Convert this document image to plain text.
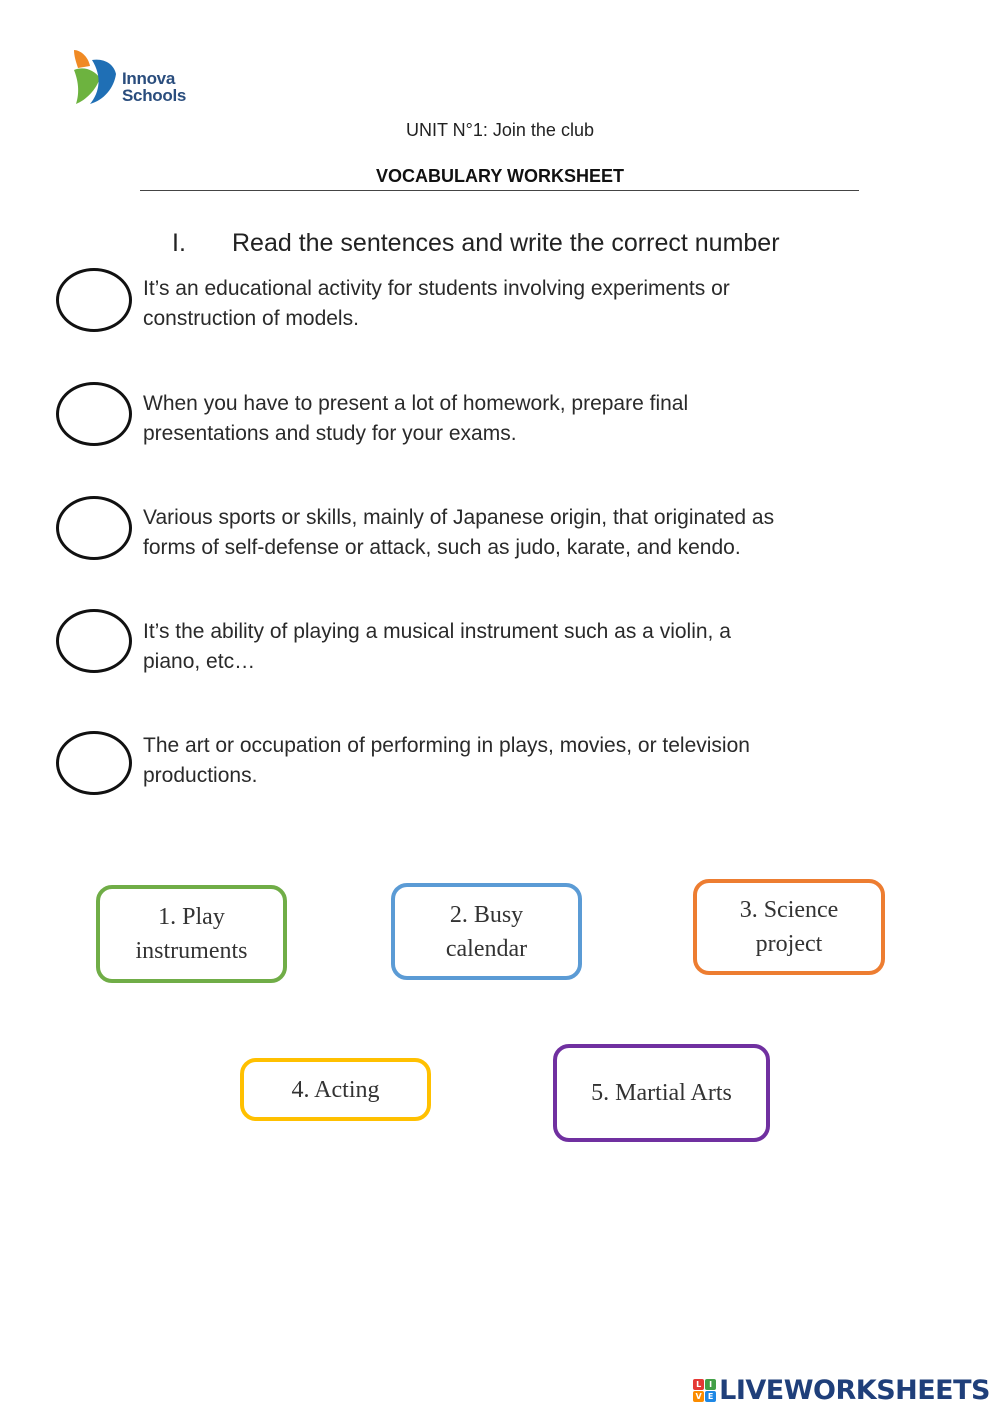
Innova
Schools
UNIT N°1: Join the club
VOCABULARY WORKSHEET
I. Read the sentences and write the correct number
It’s an educational activity for students involving experiments or
construction of models.
When you have to present a lot of homework, prepare final
presentations and study for your exams.
Various sports or skills, mainly of Japanese origin, that originated as
forms of self-defense or attack, such as judo, karate, and kendo.
It’s the ability of playing a musical instrument such as a violin, a
piano, etc…
The art or occupation of performing in plays, movies, or television
productions.
1. Play
instruments
2. Busy
calendar
3. Science
project
4. Acting	5. Martial Arts
L I
V E LIVEWORKSHEETS
